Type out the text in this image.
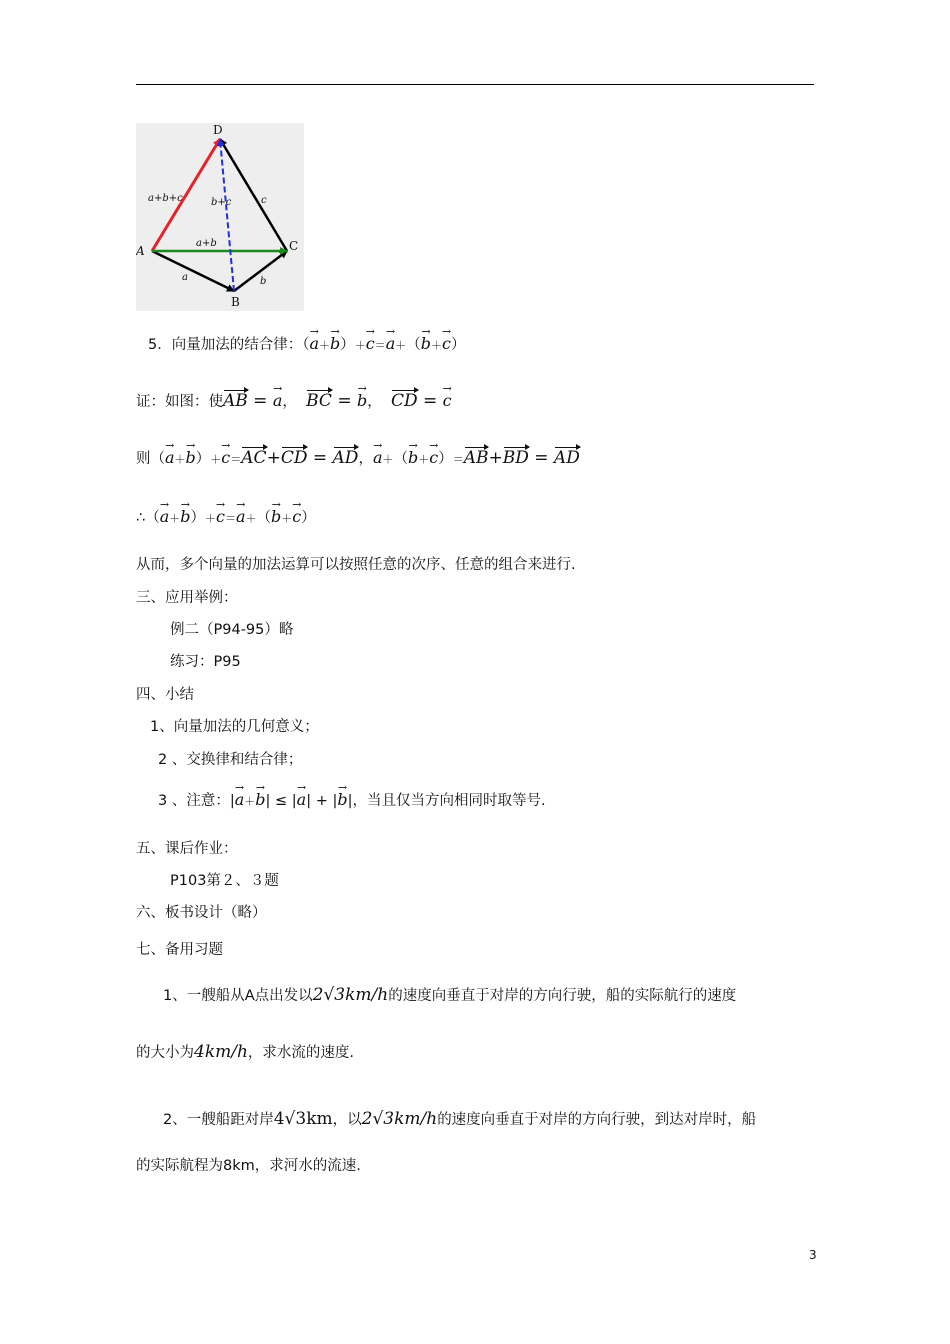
D
A	C
B
a+b+c	b+c	c
a+b
a	b
5．向量加法的结合律：（→ a＋→ b）＋→ c＝→ a＋（→ b＋→ c）
证：如图：使AB = → a，  BC = → b，  CD = → c
则（→ a＋→ b）＋→ c＝AC+CD = AD，→ a＋（→ b＋→ c）＝AB+BD = AD
∴（→ a＋→ b）＋→ c＝→ a＋（→ b＋→ c）
从而，多个向量的加法运算可以按照任意的次序、任意的组合来进行.
三、应用举例：
例二（P94-95）略
练习：P95
四、小结
1、向量加法的几何意义；
2 、交换律和结合律；
3 、注意：|→ a＋→ b| ≤ |→ a| + |→ b|，当且仅当方向相同时取等号.
五、课后作业：
P103第２、３题
六、板书设计（略）
七、备用习题
1、一艘船从A点出发以2√3km/h的速度向垂直于对岸的方向行驶，船的实际航行的速度
的大小为4km/h，求水流的速度.
2、一艘船距对岸4√3km，以2√3km/h的速度向垂直于对岸的方向行驶，到达对岸时，船
的实际航程为8km，求河水的流速.
3
